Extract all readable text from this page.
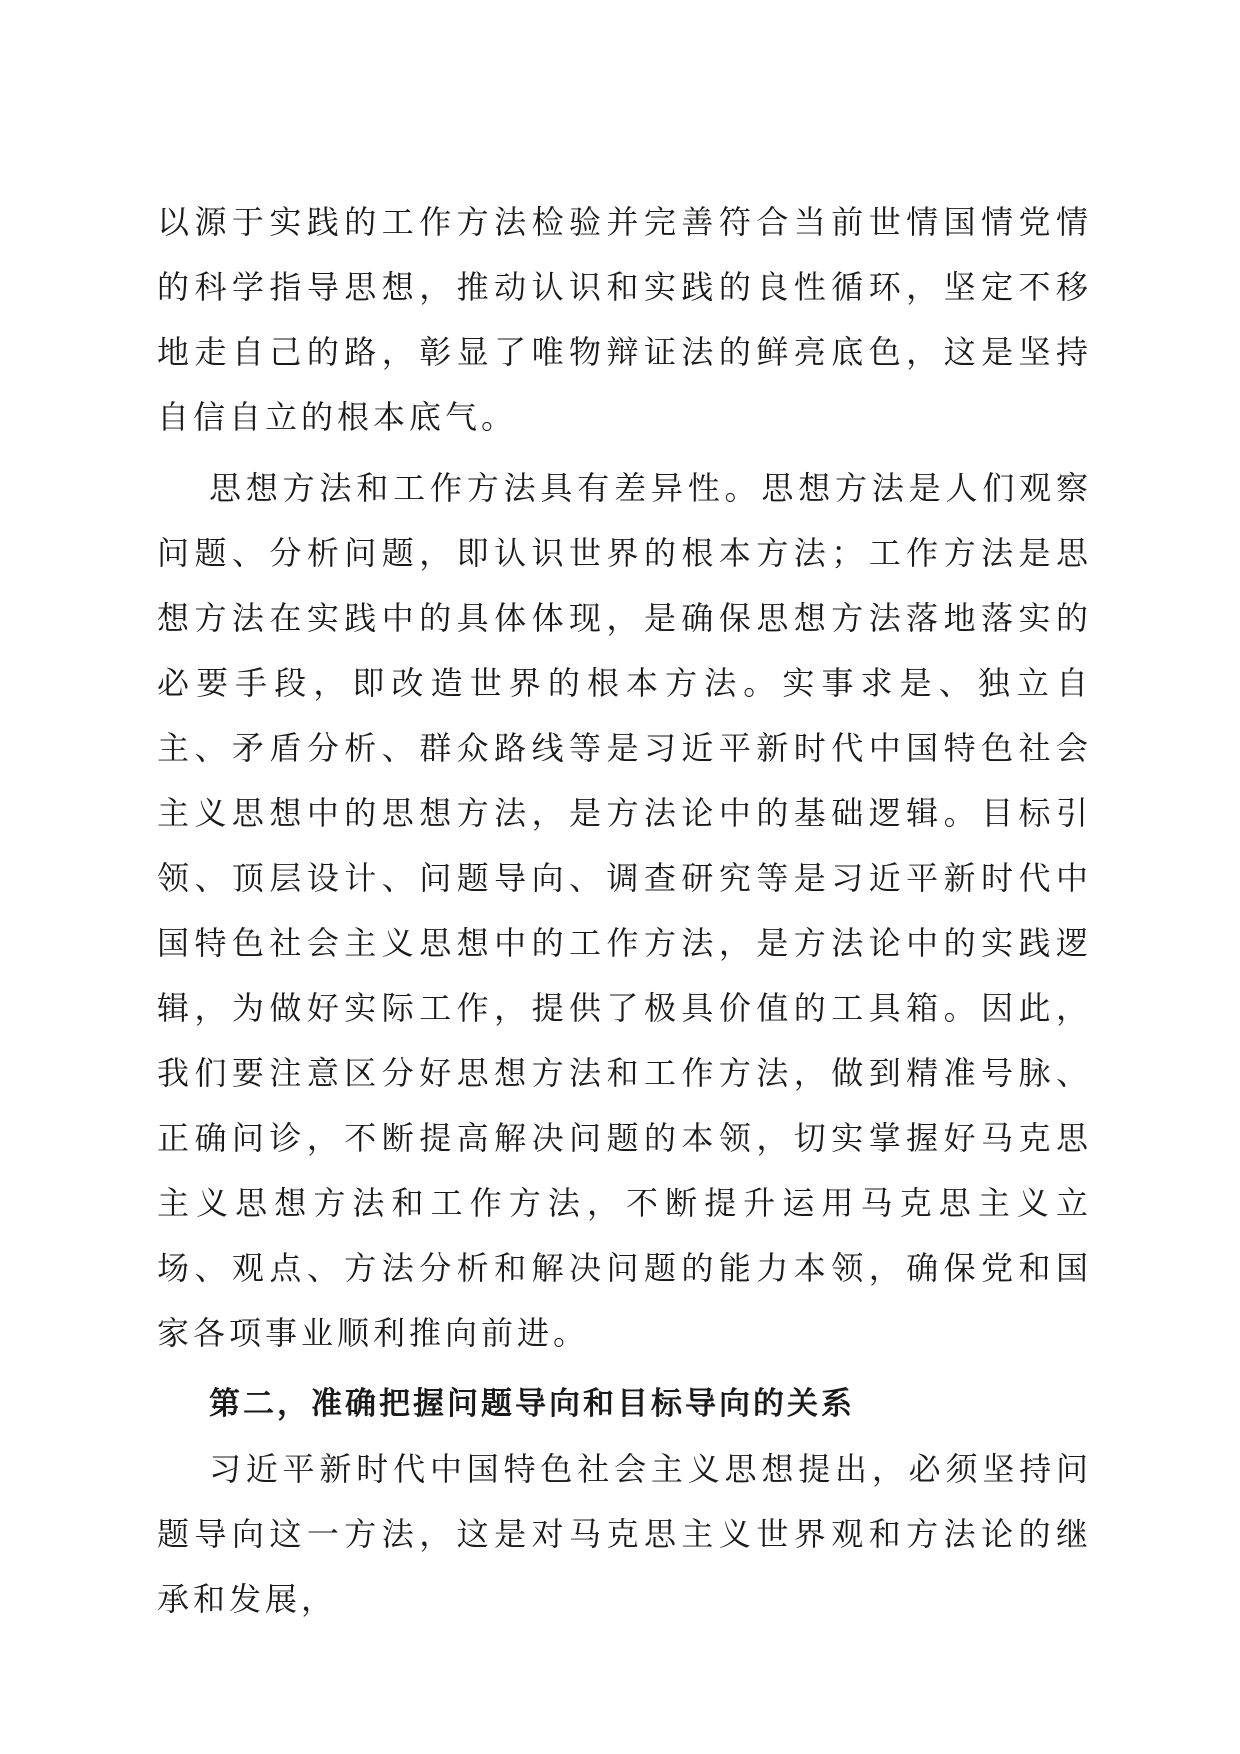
以源于实践的工作方法检验并完善符合当前世情国情党情的科学指导思想，推动认识和实践的良性循环，坚定不移地走自己的路，彰显了唯物辩证法的鲜亮底色，这是坚持自信自立的根本底气。

思想方法和工作方法具有差异性。思想方法是人们观察问题、分析问题，即认识世界的根本方法；工作方法是思想方法在实践中的具体体现，是确保思想方法落地落实的必要手段，即改造世界的根本方法。实事求是、独立自主、矛盾分析、群众路线等是习近平新时代中国特色社会主义思想中的思想方法，是方法论中的基础逻辑。目标引领、顶层设计、问题导向、调查研究等是习近平新时代中国特色社会主义思想中的工作方法，是方法论中的实践逻辑，为做好实际工作，提供了极具价值的工具箱。因此，我们要注意区分好思想方法和工作方法，做到精准号脉、正确问诊，不断提高解决问题的本领，切实掌握好马克思主义思想方法和工作方法，不断提升运用马克思主义立场、观点、方法分析和解决问题的能力本领，确保党和国家各项事业顺利推向前进。

第二，准确把握问题导向和目标导向的关系

习近平新时代中国特色社会主义思想提出，必须坚持问题导向这一方法，这是对马克思主义世界观和方法论的继承和发展，
